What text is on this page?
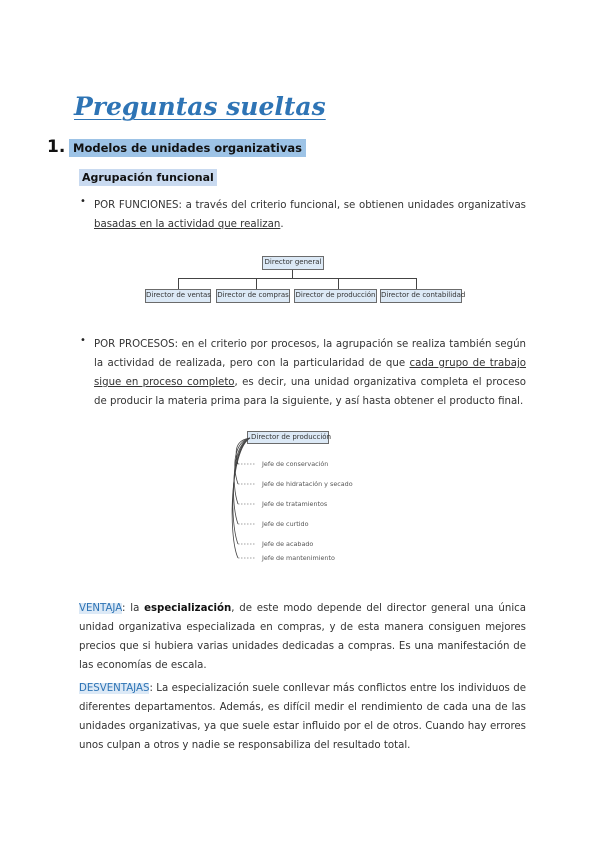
Preguntas sueltas
1. Modelos de unidades organizativas
Agrupación funcional
• POR FUNCIONES: a través del criterio funcional, se obtienen unidades organizativas basadas en la actividad que realizan.
Director general
Director de ventas Director de compras Director de producción Director de contabilidad
• POR PROCESOS: en el criterio por procesos, la agrupación se realiza también según la actividad de realizada, pero con la particularidad de que cada grupo de trabajo sigue en proceso completo, es decir, una unidad organizativa completa el proceso de producir la materia prima para la siguiente, y así hasta obtener el producto final.
Director de producción
Jefe de conservación
Jefe de hidratación y secado
Jefe de tratamientos
Jefe de curtido
Jefe de acabado
Jefe de mantenimiento
VENTAJA: la especialización, de este modo depende del director general una única unidad organizativa especializada en compras, y de esta manera consiguen mejores precios que si hubiera varias unidades dedicadas a compras. Es una manifestación de las economías de escala.
DESVENTAJAS: La especialización suele conllevar más conflictos entre los individuos de diferentes departamentos. Además, es difícil medir el rendimiento de cada una de las unidades organizativas, ya que suele estar influido por el de otros. Cuando hay errores unos culpan a otros y nadie se responsabiliza del resultado total.
